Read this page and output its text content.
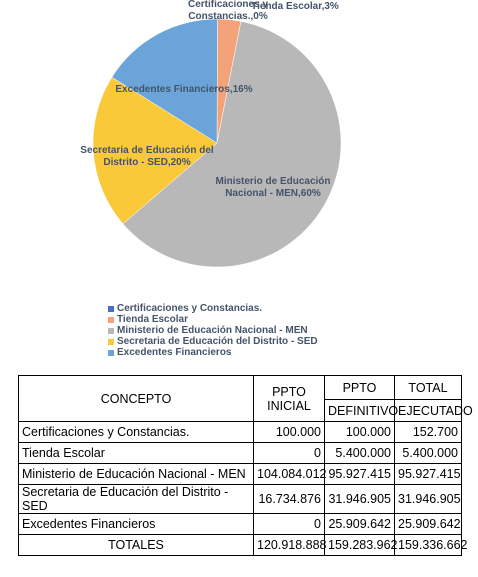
Certificaciones y Constancias.,0%
Tienda Escolar,3%
Ministerio de Educación Nacional - MEN,60%
Secretaria de Educación del Distrito - SED,20%
Excedentes Financieros,16%
Certificaciones y Constancias.
Tienda Escolar
Ministerio de Educación Nacional - MEN
Secretaria de Educación del Distrito - SED
Excedentes Financieros
CONCEPTO	PPTO INICIAL	PPTO	TOTAL
		DEFINITIVO	EJECUTADO
Certificaciones y Constancias.	100.000	100.000	152.700
Tienda Escolar	0	5.400.000	5.400.000
Ministerio de Educación Nacional - MEN	104.084.012	95.927.415	95.927.415
Secretaria de Educación del Distrito - SED	16.734.876	31.946.905	31.946.905
Excedentes Financieros	0	25.909.642	25.909.642
TOTALES	120.918.888	159.283.962	159.336.662
